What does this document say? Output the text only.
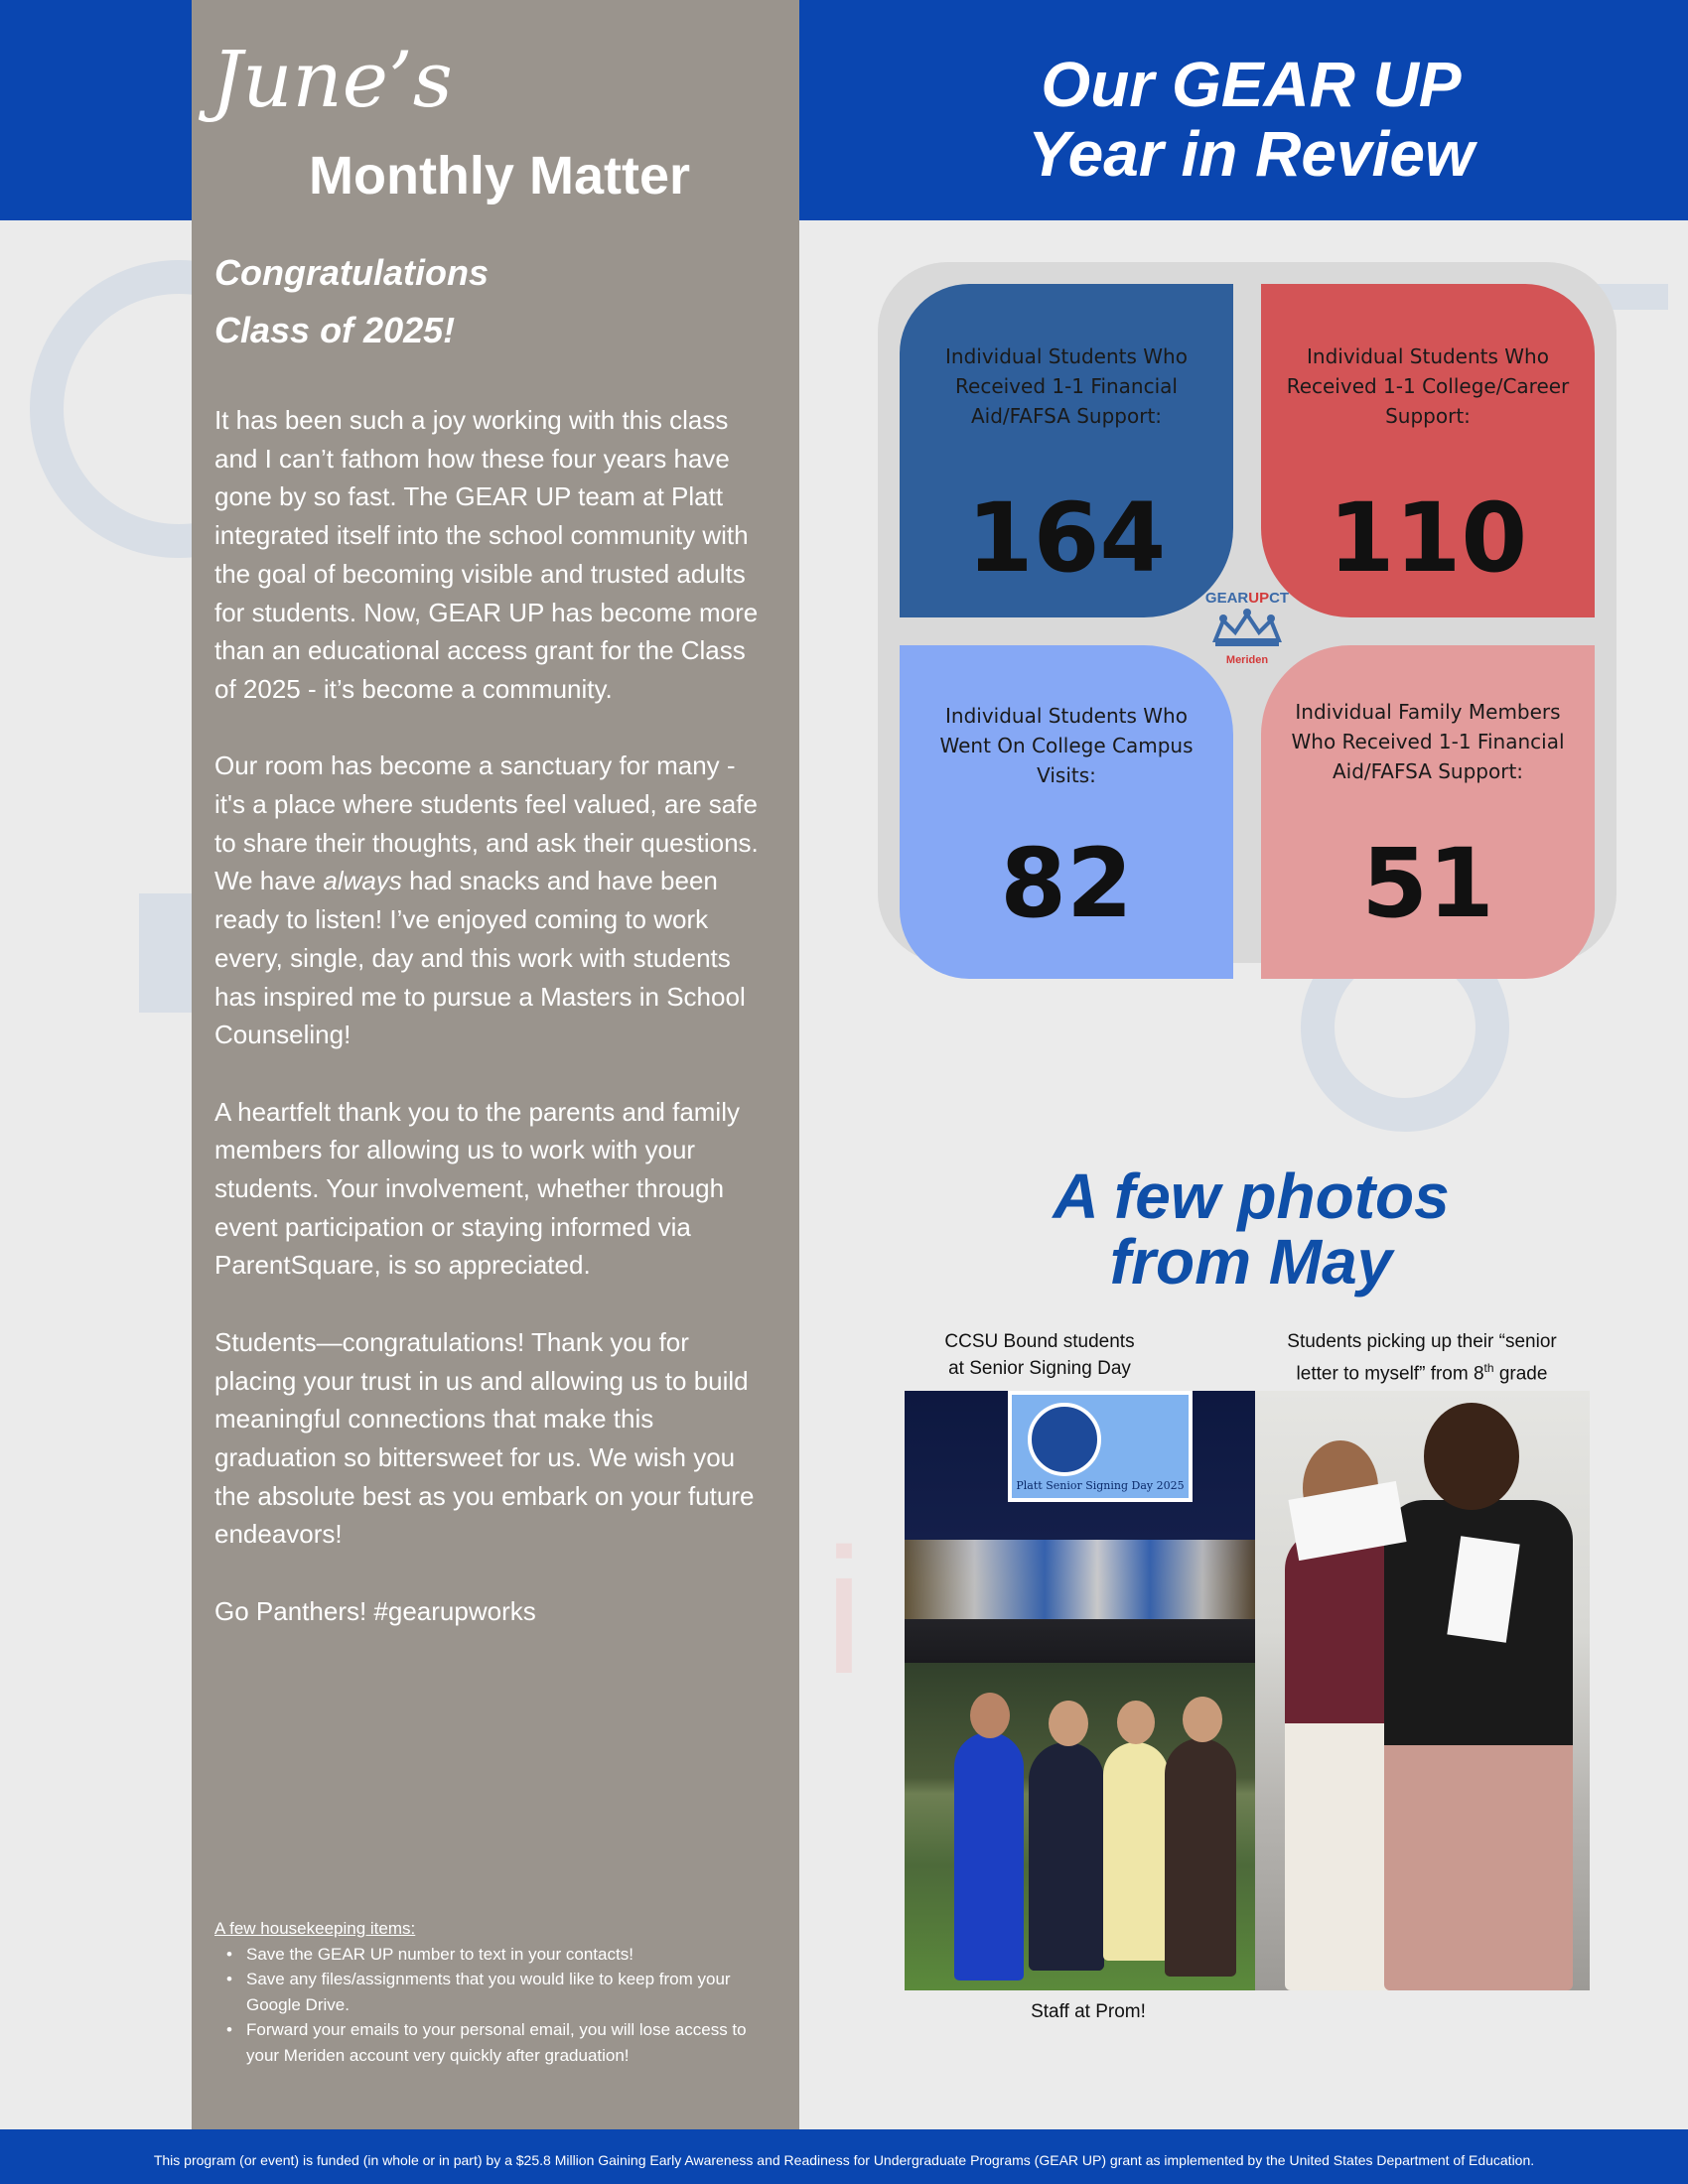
i
June’s
Monthly Matter
Congratulations
Class of 2025!

It has been such a joy working with this class and I can’t fathom how these four years have gone by so fast. The GEAR UP team at Platt integrated itself into the school community with the goal of becoming visible and trusted adults for students. Now, GEAR UP has become more than an educational access grant for the Class of 2025 - it’s become a community.

Our room has become a sanctuary for many - it's a place where students feel valued, are safe to share their thoughts, and ask their questions. We have always had snacks and have been ready to listen! I’ve enjoyed coming to work every, single, day and this work with students has inspired me to pursue a Masters in School Counseling!

A heartfelt thank you to the parents and family members for allowing us to work with your students. Your involvement, whether through event participation or staying informed via ParentSquare, is so appreciated.

Students—congratulations! Thank you for placing your trust in us and allowing us to build meaningful connections that make this graduation so bittersweet for us. We wish you the absolute best as you embark on your future endeavors!

Go Panthers! #gearupworks

A few housekeeping items:
• Save the GEAR UP number to text in your contacts!
• Save any files/assignments that you would like to keep from your Google Drive.
• Forward your emails to your personal email, you will lose access to your Meriden account very quickly after graduation!
Our GEAR UP
Year in Review
Individual Students Who Received 1-1 Financial Aid/FAFSA Support:
164
Individual Students Who Received 1-1 College/Career Support:
110
Individual Students Who Went On College Campus Visits:
82
Individual Family Members Who Received 1-1 Financial Aid/FAFSA Support:
51
GEARUPCT
Meriden
A few photos
from May
CCSU Bound students
at Senior Signing Day
Students picking up their “senior
letter to myself” from 8th grade
Platt Senior Signing Day 2025
Staff at Prom!
This program (or event) is funded (in whole or in part) by a $25.8 Million Gaining Early Awareness and Readiness for Undergraduate Programs (GEAR UP) grant as implemented by the United States Department of Education.
